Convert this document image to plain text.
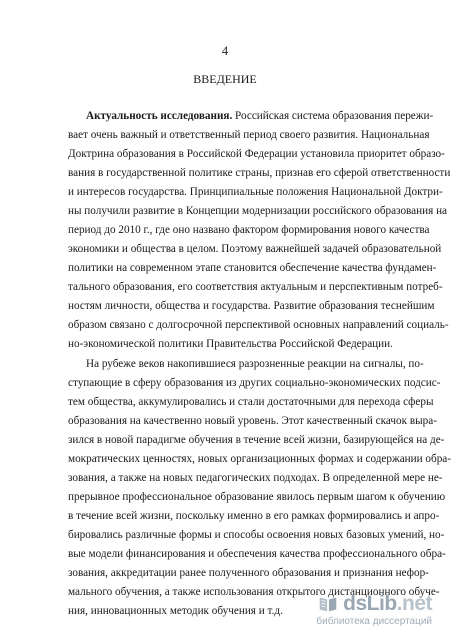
4
ВВЕДЕНИЕ
Актуальность исследования. Российская система образования пережи-
вает очень важный и ответственный период своего развития. Национальная
Доктрина образования в Российской Федерации установила приоритет образо-
вания в государственной политике страны, признав его сферой ответственности
и интересов государства. Принципиальные положения Национальной Доктри-
ны получили развитие в Концепции модернизации российского образования на
период до 2010 г., где оно названо фактором формирования нового качества
экономики и общества в целом. Поэтому важнейшей задачей образовательной
политики на современном этапе становится обеспечение качества фундамен-
тального образования, его соответствия актуальным и перспективным потреб-
ностям личности, общества и государства. Развитие образования теснейшим
образом связано с долгосрочной перспективой основных направлений социаль-
но-экономической политики Правительства Российской Федерации.
На рубеже веков накопившиеся разрозненные реакции на сигналы, по-
ступающие в сферу образования из других социально-экономических подсис-
тем общества, аккумулировались и стали достаточными для перехода сферы
образования на качественно новый уровень. Этот качественный скачок выра-
зился в новой парадигме обучения в течение всей жизни, базирующейся на де-
мократических ценностях, новых организационных формах и содержании обра-
зования, а также на новых педагогических подходах. В определенной мере не-
прерывное профессиональное образование явилось первым шагом к обучению
в течение всей жизни, поскольку именно в его рамках формировались и апро-
бировались различные формы и способы освоения новых базовых умений, но-
вые модели финансирования и обеспечения качества профессионального обра-
зования, аккредитации ранее полученного образования и признания нефор-
мального обучения, а также использования открытого дистанционного обуче-
ния, инновационных методик обучения и т.д.	dsLib .net
библиотека диссертаций
